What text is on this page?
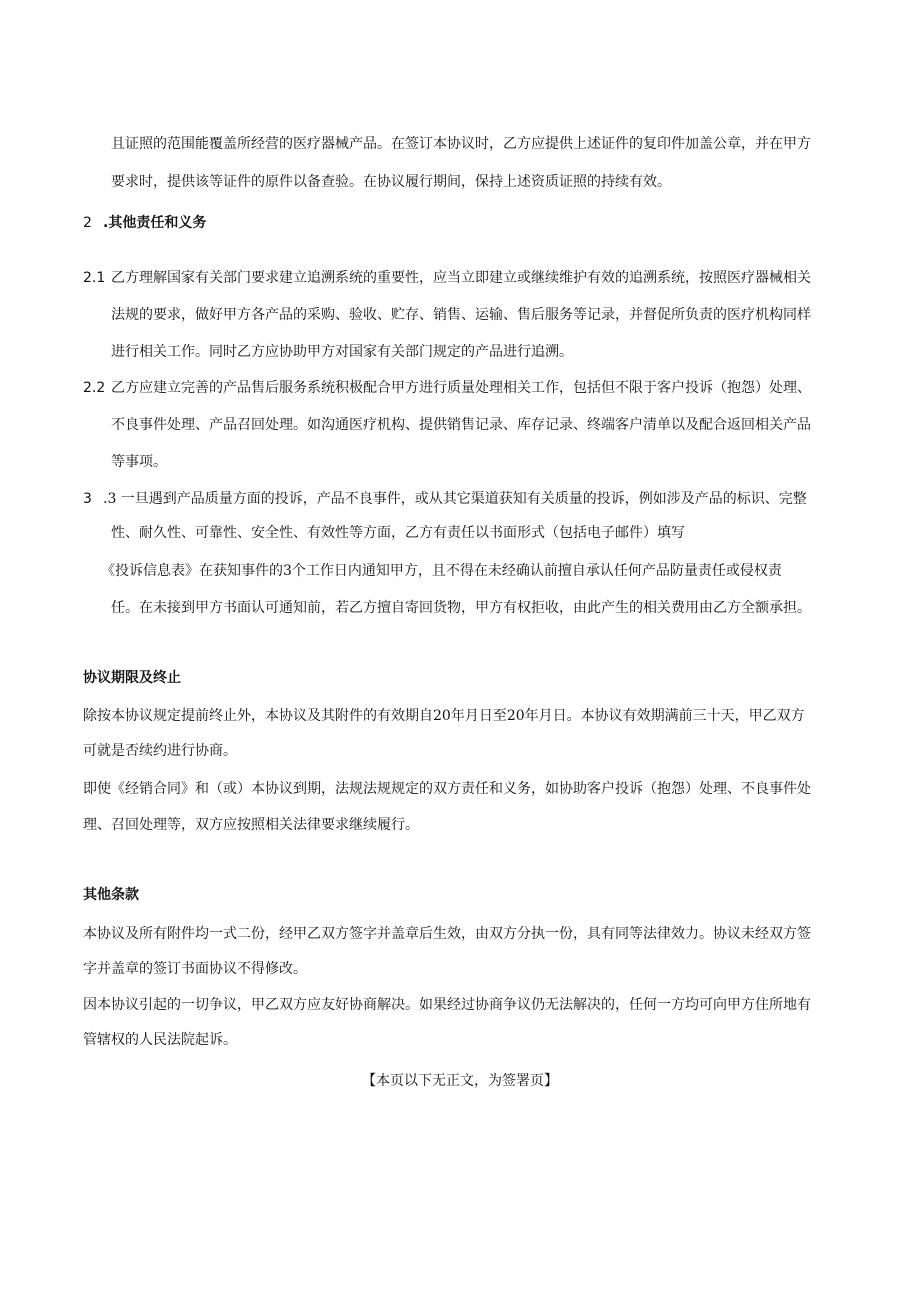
且证照的范围能覆盖所经营的医疗器械产品。在签订本协议时，乙方应提供上述证件的复印件加盖公章，并在甲方
要求时，提供该等证件的原件以备查验。在协议履行期间，保持上述资质证照的持续有效。
2 .其他责任和义务
2.1 乙方理解国家有关部门要求建立追溯系统的重要性，应当立即建立或继续维护有效的追溯系统，按照医疗器械相关
法规的要求，做好甲方各产品的采购、验收、贮存、销售、运输、售后服务等记录，并督促所负责的医疗机构同样
进行相关工作。同时乙方应协助甲方对国家有关部门规定的产品进行追溯。
2.2 乙方应建立完善的产品售后服务系统积极配合甲方进行质量处理相关工作，包括但不限于客户投诉（抱怨）处理、
不良事件处理、产品召回处理。如沟通医疗机构、提供销售记录、库存记录、终端客户清单以及配合返回相关产品
等事项。
3 .3 一旦遇到产品质量方面的投诉，产品不良事件，或从其它渠道获知有关质量的投诉，例如涉及产品的标识、完整
性、耐久性、可靠性、安全性、有效性等方面，乙方有责任以书面形式（包括电子邮件）填写
《投诉信息表》在获知事件的3个工作日内通知甲方，且不得在未经确认前擅自承认任何产品防量责任或侵权责
任。在未接到甲方书面认可通知前，若乙方擅自寄回货物，甲方有权拒收，由此产生的相关费用由乙方全额承担。
协议期限及终止
除按本协议规定提前终止外，本协议及其附件的有效期自20年月日至20年月日。本协议有效期满前三十天，甲乙双方
可就是否续约进行协商。
即使《经销合同》和（或）本协议到期，法规法规规定的双方责任和义务，如协助客户投诉（抱怨）处理、不良事件处
理、召回处理等，双方应按照相关法律要求继续履行。
其他条款
本协议及所有附件均一式二份，经甲乙双方签字并盖章后生效，由双方分执一份，具有同等法律效力。协议未经双方签
字并盖章的签订书面协议不得修改。
因本协议引起的一切争议，甲乙双方应友好协商解决。如果经过协商争议仍无法解决的，任何一方均可向甲方住所地有
管辖权的人民法院起诉。
【本页以下无正文，为签署页】
